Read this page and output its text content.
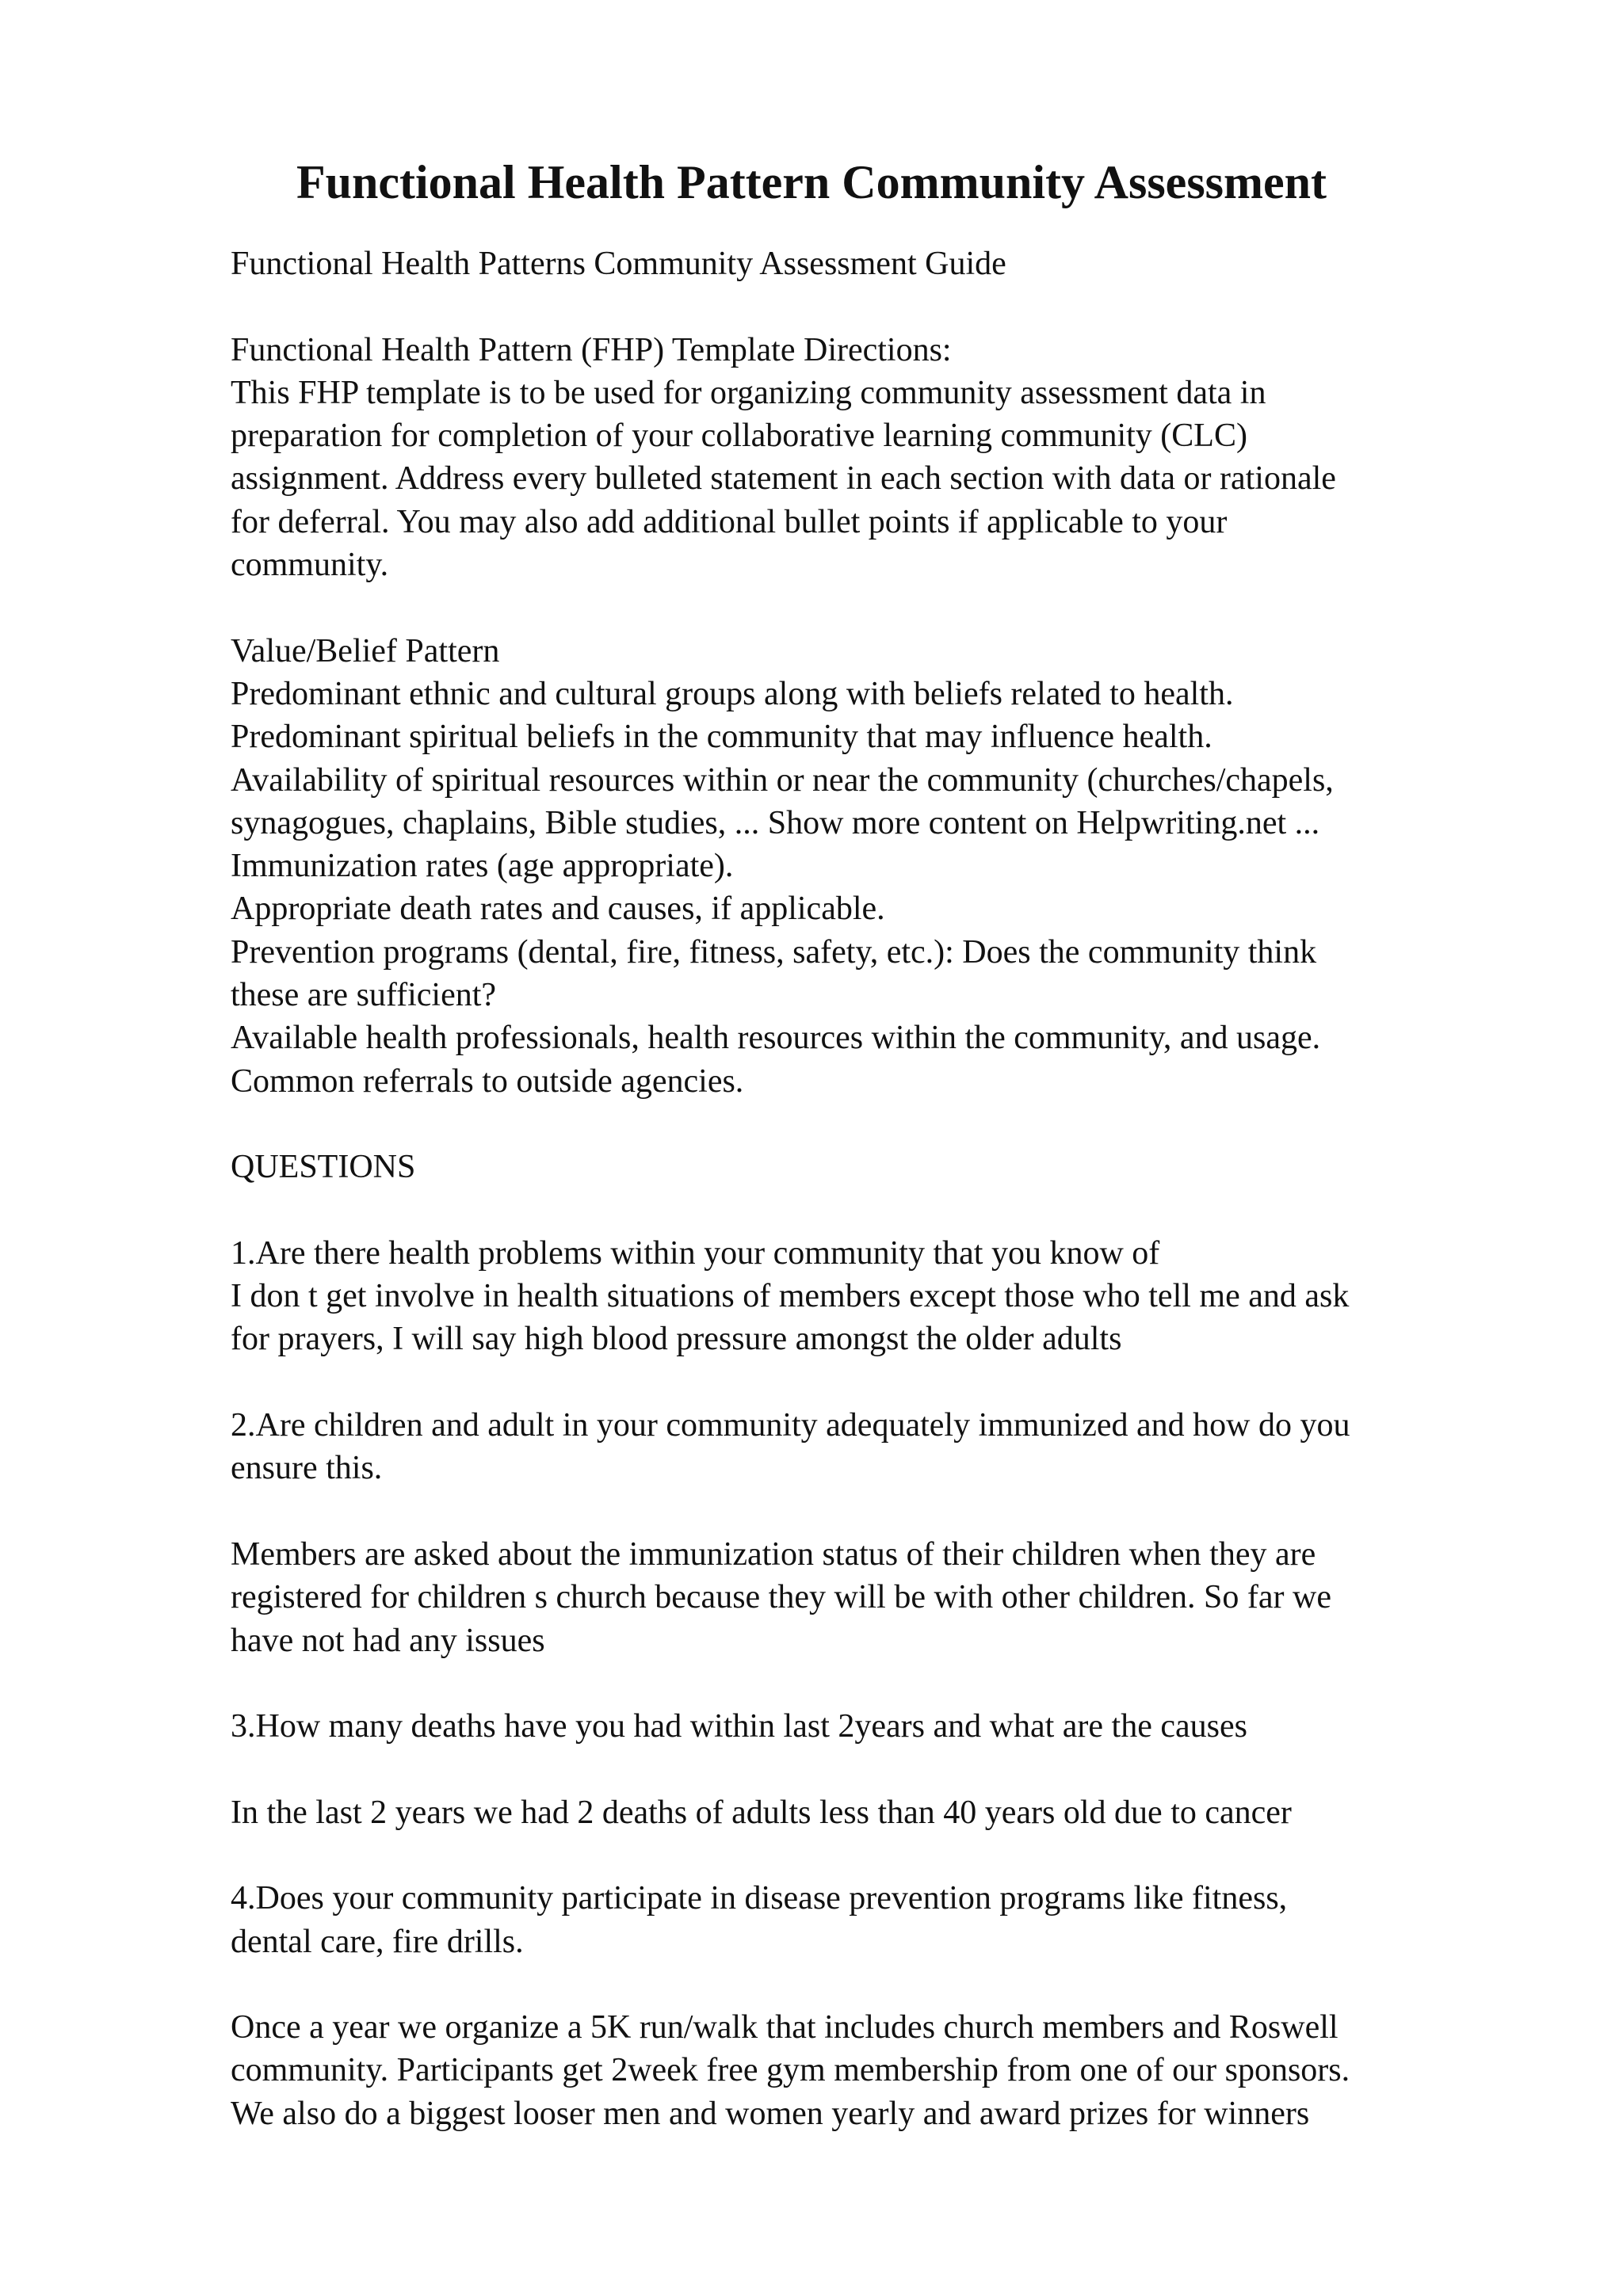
Functional Health Pattern Community Assessment
Functional Health Patterns Community Assessment Guide
Functional Health Pattern (FHP) Template Directions:
This FHP template is to be used for organizing community assessment data in
preparation for completion of your collaborative learning community (CLC)
assignment. Address every bulleted statement in each section with data or rationale
for deferral. You may also add additional bullet points if applicable to your
community.
Value/Belief Pattern
Predominant ethnic and cultural groups along with beliefs related to health.
Predominant spiritual beliefs in the community that may influence health.
Availability of spiritual resources within or near the community (churches/chapels,
synagogues, chaplains, Bible studies, ... Show more content on Helpwriting.net ...
Immunization rates (age appropriate).
Appropriate death rates and causes, if applicable.
Prevention programs (dental, fire, fitness, safety, etc.): Does the community think
these are sufficient?
Available health professionals, health resources within the community, and usage.
Common referrals to outside agencies.
QUESTIONS
1.Are there health problems within your community that you know of
I don t get involve in health situations of members except those who tell me and ask
for prayers, I will say high blood pressure amongst the older adults
2.Are children and adult in your community adequately immunized and how do you
ensure this.
Members are asked about the immunization status of their children when they are
registered for children s church because they will be with other children. So far we
have not had any issues
3.How many deaths have you had within last 2years and what are the causes
In the last 2 years we had 2 deaths of adults less than 40 years old due to cancer
4.Does your community participate in disease prevention programs like fitness,
dental care, fire drills.
Once a year we organize a 5K run/walk that includes church members and Roswell
community. Participants get 2week free gym membership from one of our sponsors.
We also do a biggest looser men and women yearly and award prizes for winners
